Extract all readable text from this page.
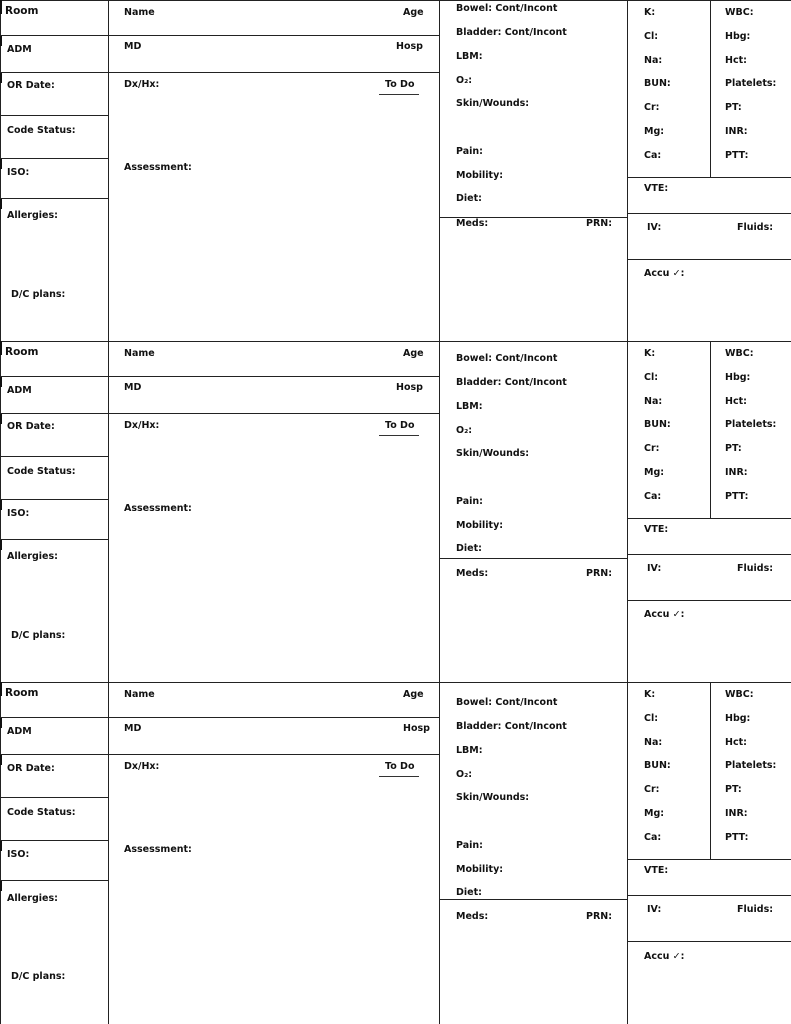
Room
ADM
OR Date:
Code Status:
ISO:
Allergies:
D/C plans:
Name	Age
MD	Hosp
Dx/Hx:	To Do
Assessment:
Bowel: Cont/Incont
Bladder: Cont/Incont
LBM:
O₂:
Skin/Wounds:
Pain:
Mobility:
Diet:
Meds:	PRN:
K:
Cl:
Na:
BUN:
Cr:
Mg:
Ca:
WBC:
Hbg:
Hct:
Platelets:
PT:
INR:
PTT:
VTE:
IV:	Fluids:
Accu ✓:
Room
ADM
OR Date:
Code Status:
ISO:
Allergies:
D/C plans:
Name	Age
MD	Hosp
Dx/Hx:	To Do
Assessment:
Bowel: Cont/Incont
Bladder: Cont/Incont
LBM:
O₂:
Skin/Wounds:
Pain:
Mobility:
Diet:
Meds:	PRN:
K:
Cl:
Na:
BUN:
Cr:
Mg:
Ca:
WBC:
Hbg:
Hct:
Platelets:
PT:
INR:
PTT:
VTE:
IV:	Fluids:
Accu ✓:
Room
ADM
OR Date:
Code Status:
ISO:
Allergies:
D/C plans:
Name	Age
MD	Hosp
Dx/Hx:	To Do
Assessment:
Bowel: Cont/Incont
Bladder: Cont/Incont
LBM:
O₂:
Skin/Wounds:
Pain:
Mobility:
Diet:
Meds:	PRN:
K:
Cl:
Na:
BUN:
Cr:
Mg:
Ca:
WBC:
Hbg:
Hct:
Platelets:
PT:
INR:
PTT:
VTE:
IV:	Fluids:
Accu ✓:
